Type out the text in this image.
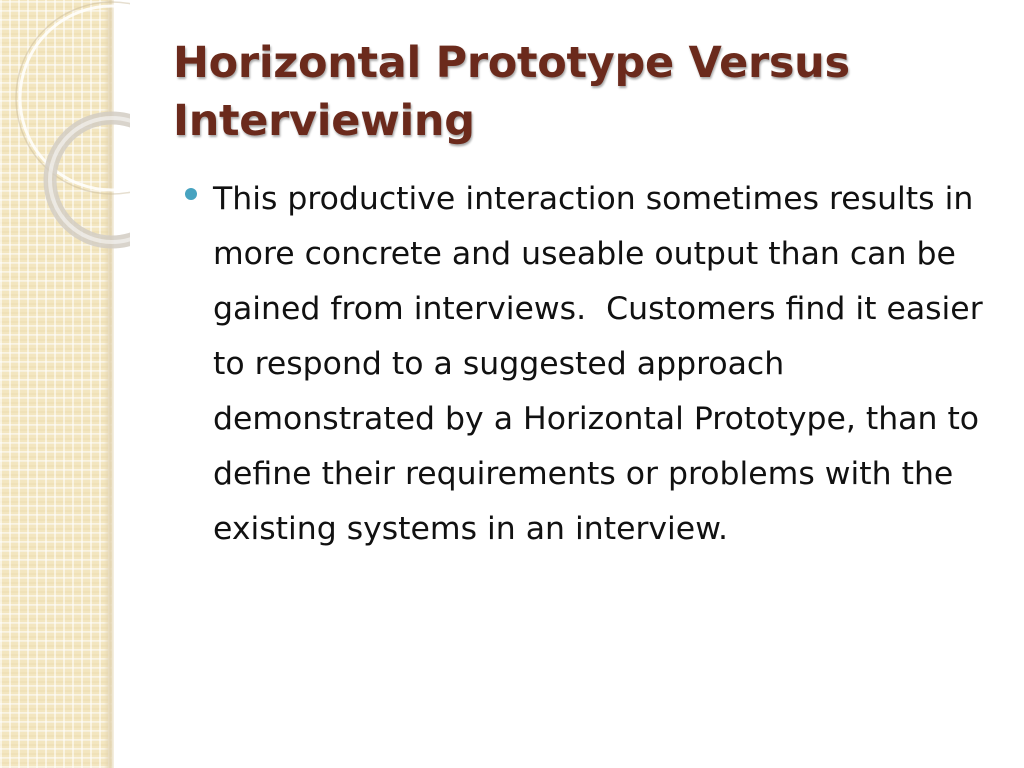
Horizontal Prototype Versus Interviewing

This productive interaction sometimes results in more concrete and useable output than can be gained from interviews.  Customers find it easier to respond to a suggested approach demonstrated by a Horizontal Prototype, than to define their requirements or problems with the existing systems in an interview.
